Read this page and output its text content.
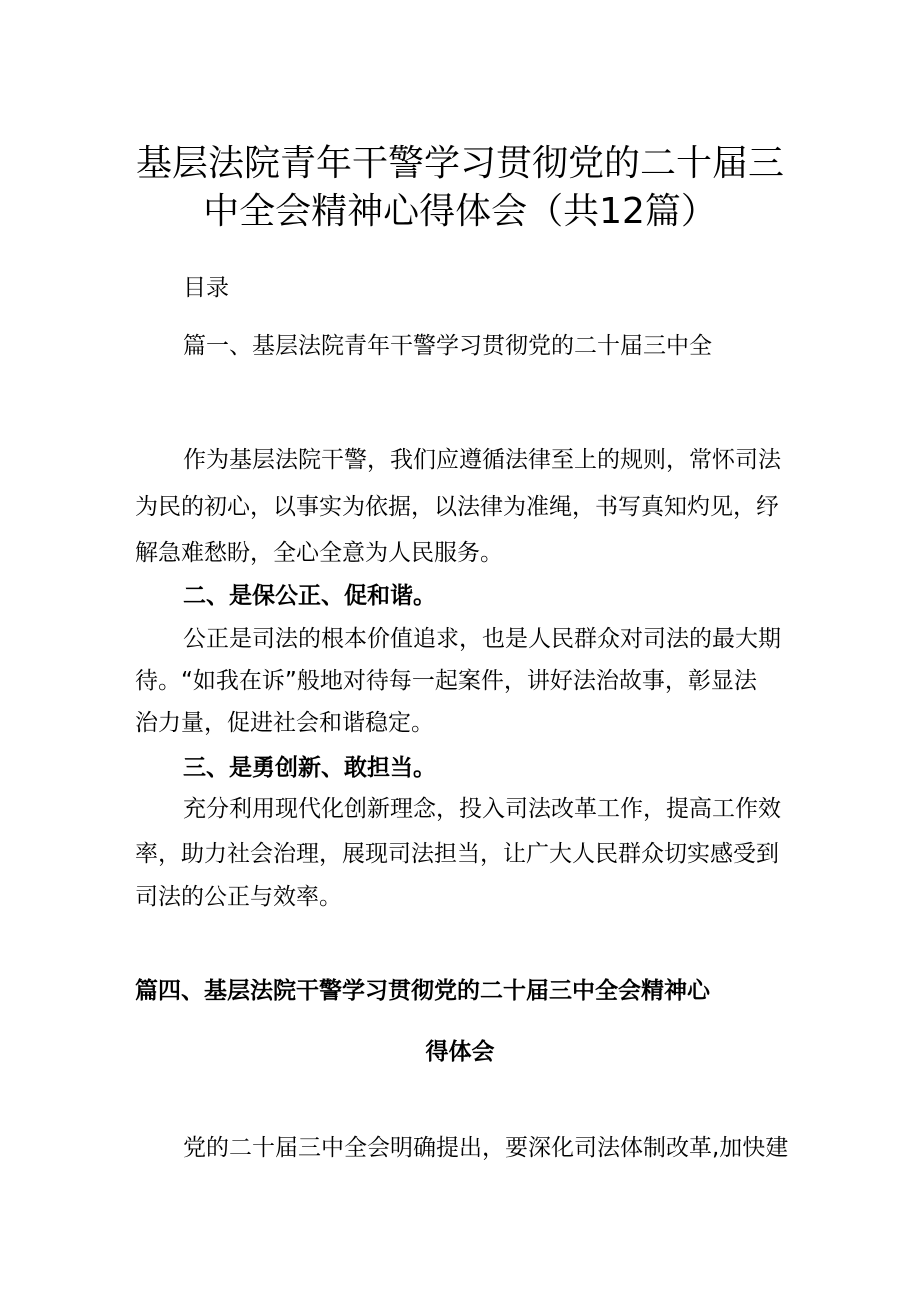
基层法院青年干警学习贯彻党的二十届三
中全会精神心得体会（共12篇）
目录
篇一、基层法院青年干警学习贯彻党的二十届三中全
作为基层法院干警，我们应遵循法律至上的规则，常怀司法
为民的初心，以事实为依据，以法律为准绳，书写真知灼见，纾
解急难愁盼，全心全意为人民服务。
二、是保公正、促和谐。
公正是司法的根本价值追求，也是人民群众对司法的最大期
待。“如我在诉”般地对待每一起案件，讲好法治故事，彰显法
治力量，促进社会和谐稳定。
三、是勇创新、敢担当。
充分利用现代化创新理念，投入司法改革工作，提高工作效
率，助力社会治理，展现司法担当，让广大人民群众切实感受到
司法的公正与效率。
篇四、基层法院干警学习贯彻党的二十届三中全会精神心
得体会
党的二十届三中全会明确提出，要深化司法体制改革,加快建
